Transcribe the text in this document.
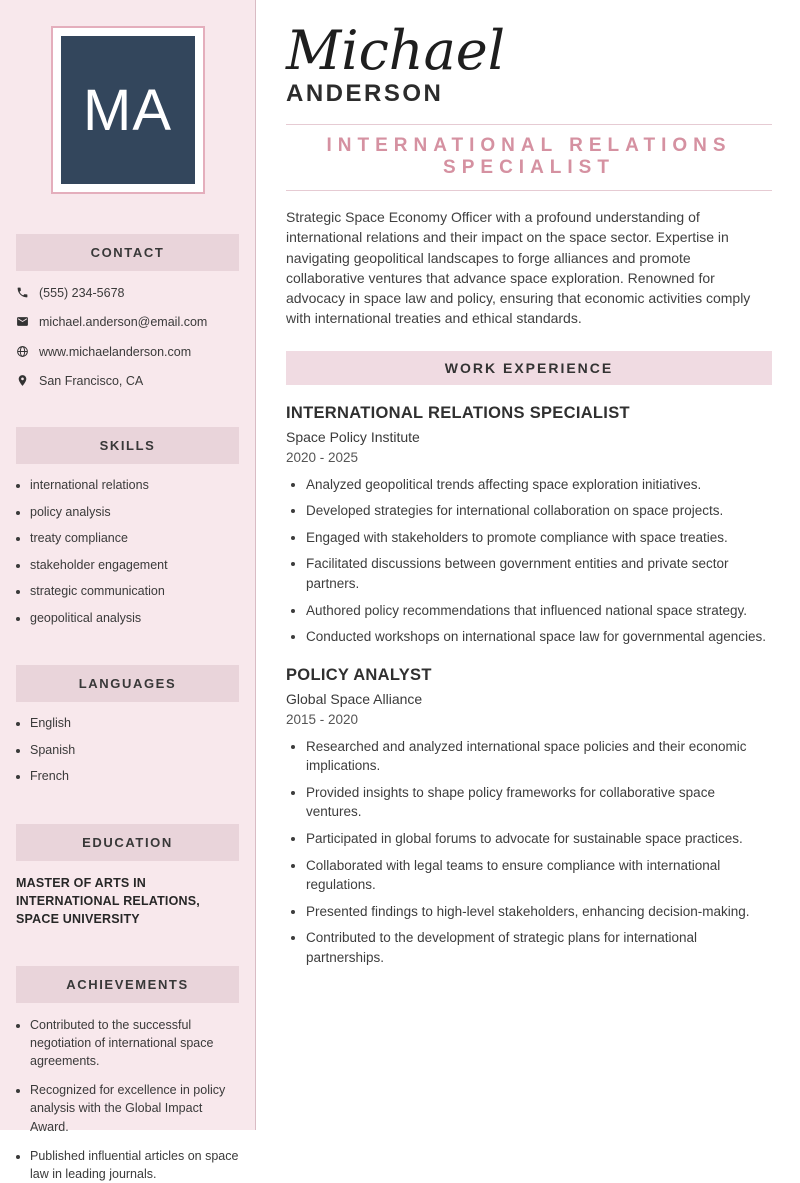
MA
CONTACT
(555) 234-5678
michael.anderson@email.com
www.michaelanderson.com
San Francisco, CA
SKILLS
• international relations
• policy analysis
• treaty compliance
• stakeholder engagement
• strategic communication
• geopolitical analysis
LANGUAGES
• English
• Spanish
• French
EDUCATION
MASTER OF ARTS IN INTERNATIONAL RELATIONS, SPACE UNIVERSITY
ACHIEVEMENTS
• Contributed to the successful negotiation of international space agreements.
• Recognized for excellence in policy analysis with the Global Impact Award.
• Published influential articles on space law in leading journals.
Michael
ANDERSON
INTERNATIONAL RELATIONS SPECIALIST

Strategic Space Economy Officer with a profound understanding of international relations and their impact on the space sector. Expertise in navigating geopolitical landscapes to forge alliances and promote collaborative ventures that advance space exploration. Renowned for advocacy in space law and policy, ensuring that economic activities comply with international treaties and ethical standards.

WORK EXPERIENCE
INTERNATIONAL RELATIONS SPECIALIST
Space Policy Institute
2020 - 2025
• Analyzed geopolitical trends affecting space exploration initiatives.
• Developed strategies for international collaboration on space projects.
• Engaged with stakeholders to promote compliance with space treaties.
• Facilitated discussions between government entities and private sector partners.
• Authored policy recommendations that influenced national space strategy.
• Conducted workshops on international space law for governmental agencies.
POLICY ANALYST
Global Space Alliance
2015 - 2020
• Researched and analyzed international space policies and their economic implications.
• Provided insights to shape policy frameworks for collaborative space ventures.
• Participated in global forums to advocate for sustainable space practices.
• Collaborated with legal teams to ensure compliance with international regulations.
• Presented findings to high-level stakeholders, enhancing decision-making.
• Contributed to the development of strategic plans for international partnerships.
